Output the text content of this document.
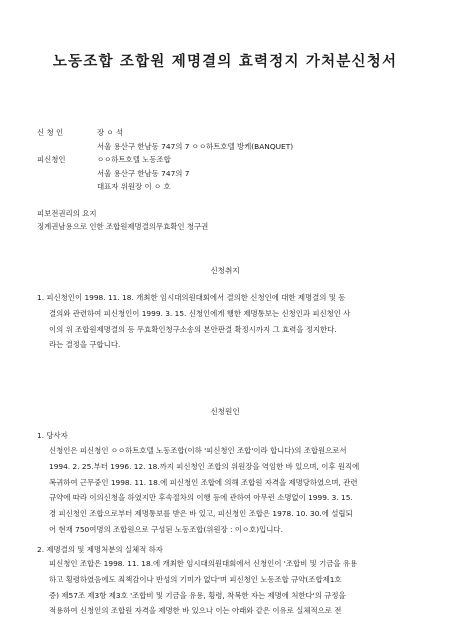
노동조합 조합원 제명결의 효력정지 가처분신청서
신 청 인	장 ㅇ 석
서울 용산구 한남동 747의 7 ㅇㅇ하트호텔 방케(BANQUET)
피신청인	ㅇㅇ하트호텔 노동조합
서울 용산구 한남동 747의 7
대표자 위원장 이 ㅇ 호
피보전권리의 요지
징계권남용으로 인한 조합원제명결의무효확인 청구권
신청취지
1. 피신청인이 1998. 11. 18. 개최한 임시대의원대회에서 결의한 신청인에 대한 제명결의 및 동
결의와 관련하여 피신청인이 1999. 3. 15. 신청인에게 행한 제명통보는 신청인과 피신청인 사
이의 위 조합원제명결의 등 무효확인청구소송의 본안판결 확정시까지 그 효력을 정지한다.
라는 결정을 구합니다.
신청원인
1. 당사자
신청인은 피신청인 ㅇㅇ하트호텔 노동조합(이하 '피신청인 조합'이라 합니다)의 조합원으로서
1994. 2. 25.부터 1996. 12. 18.까지 피신청인 조합의 위원장을 역임한 바 있으며, 이후 원직에
복귀하여 근무중인 1998. 11. 18.에 피신청인 조합에 의해 조합원 자격을 제명당하였으며, 관련
규약에 따라 이의신청을 하였지만 후속절차의 이행 등에 관하여 아무런 소명없이 1999. 3. 15.
경 피신청인 조합으로부터 제명통보를 받은 바 있고, 피신청인 조합은 1978. 10. 30.에 설립되
어 현재 750여명의 조합원으로 구성된 노동조합(위원장 : 이ㅇ호)입니다.
2. 제명결의 및 제명처분의 실체적 하자
피신청인 조합은 1998. 11. 18.에 개최한 임시대의원대회에서 신청인이 '조합비 및 기금을 유용
하고 횡령하였음에도 죄책감이나 반성의 기미가 없다'며 피신청인 노동조합 규약(조합제1호
증) 제57조 제3항 제3호 '조합비 및 기금을 유용, 횡령, 착복한 자는 제명에 처한다'의 규정을
적용하여 신청인의 조합원 자격을 제명한 바 있으나 이는 아래와 같은 이유로 실체적으로 전
